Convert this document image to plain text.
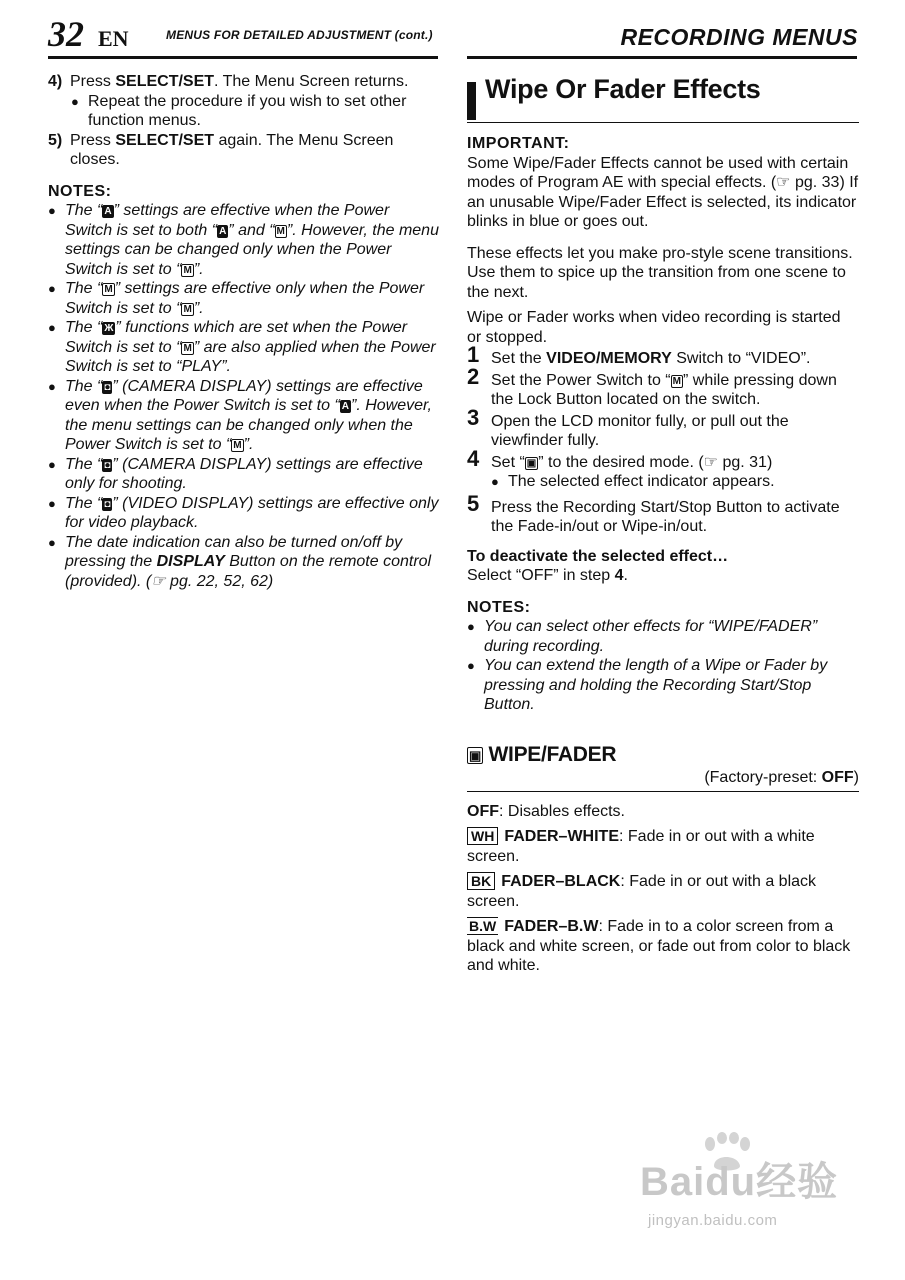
32 EN	MENUS FOR DETAILED ADJUSTMENT (cont.)	RECORDING MENUS
4) Press SELECT/SET. The Menu Screen returns.
● Repeat the procedure if you wish to set other function menus.
5) Press SELECT/SET again. The Menu Screen closes.
NOTES:
● The “ A ” settings are effective when the Power Switch is set to both “ A ” and “ M ”. However, the menu settings can be changed only when the Power Switch is set to “ M ”.
● The “ M ” settings are effective only when the Power Switch is set to “ M ”.
● The “ Ж ” functions which are set when the Power Switch is set to “ M ” are also applied when the Power Switch is set to “PLAY”.
● The “ ◘ ” (CAMERA DISPLAY) settings are effective even when the Power Switch is set to “ A ”. However, the menu settings can be changed only when the Power Switch is set to “ M ”.
● The “ ◘ ” (CAMERA DISPLAY) settings are effective only for shooting.
● The “ ◘ ” (VIDEO DISPLAY) settings are effective only for video playback.
● The date indication can also be turned on/off by pressing the DISPLAY Button on the remote control (provided). (☞ pg. 22, 52, 62)
Wipe Or Fader Effects
IMPORTANT:

Some Wipe/Fader Effects cannot be used with certain modes of Program AE with special effects. (☞ pg. 33) If an unusable Wipe/Fader Effect is selected, its indicator blinks in blue or goes out.

These effects let you make pro-style scene transitions. Use them to spice up the transition from one scene to the next.

Wipe or Fader works when video recording is started or stopped.

1 Set the VIDEO/MEMORY Switch to “VIDEO”.
2 Set the Power Switch to “ M ” while pressing down the Lock Button located on the switch.
3 Open the LCD monitor fully, or pull out the viewfinder fully.
4 Set “ ▣ ” to the desired mode. (☞ pg. 31)
● The selected effect indicator appears.
5 Press the Recording Start/Stop Button to activate the Fade-in/out or Wipe-in/out.

To deactivate the selected effect…

Select “OFF” in step 4.

NOTES:
● You can select other effects for “WIPE/FADER” during recording.
● You can extend the length of a Wipe or Fader by pressing and holding the Recording Start/Stop Button.
▣ WIPE/FADER
(Factory-preset: OFF)

OFF: Disables effects.

WH FADER–WHITE: Fade in or out with a white screen.

BK FADER–BLACK: Fade in or out with a black screen.

B.W FADER–B.W: Fade in to a color screen from a black and white screen, or fade out from color to black and white.

Baidu经验
jingyan.baidu.com
